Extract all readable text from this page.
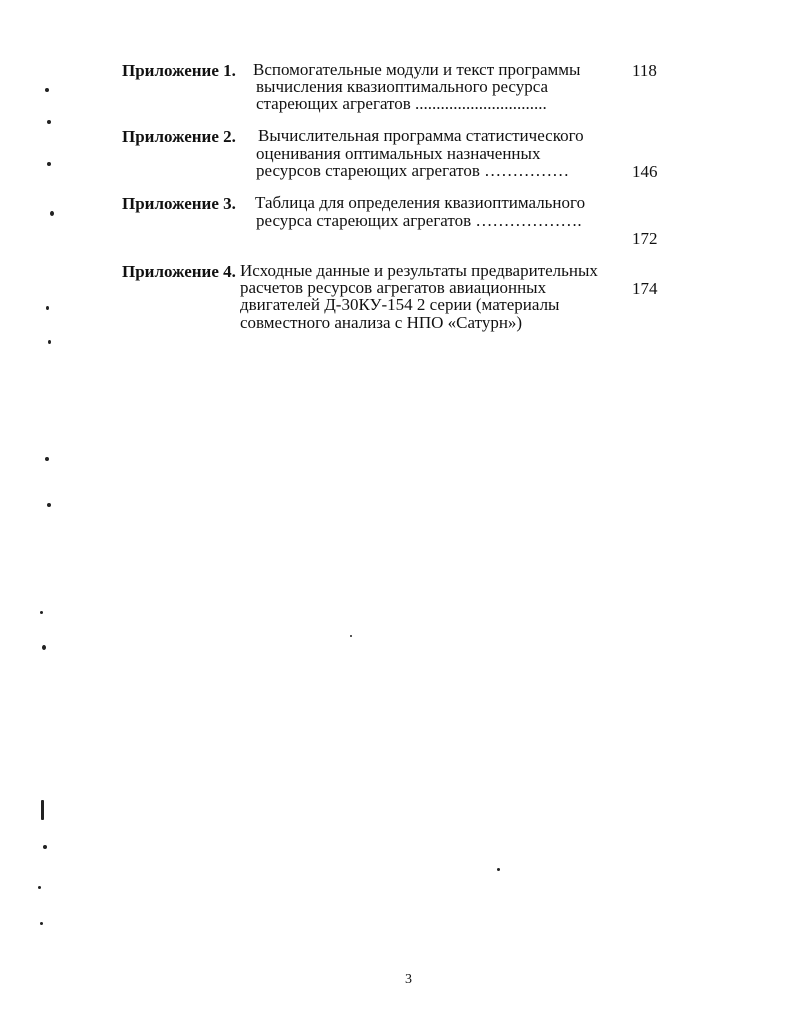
Приложение 1. Вспомогательные модули и текст программы
вычисления квазиоптимального ресурса
стареющих агрегатов ...............................
118
Приложение 2. Вычислительная программа статистического
оценивания оптимальных назначенных
ресурсов стареющих агрегатов ……………	146
Приложение 3. Таблица для определения квазиоптимального
ресурса стареющих агрегатов ……………….
172
Приложение 4. Исходные данные и результаты предварительных
расчетов ресурсов агрегатов авиационных
двигателей Д-30КУ-154 2 серии (материалы
совместного анализа с НПО «Сатурн»)
174
3
